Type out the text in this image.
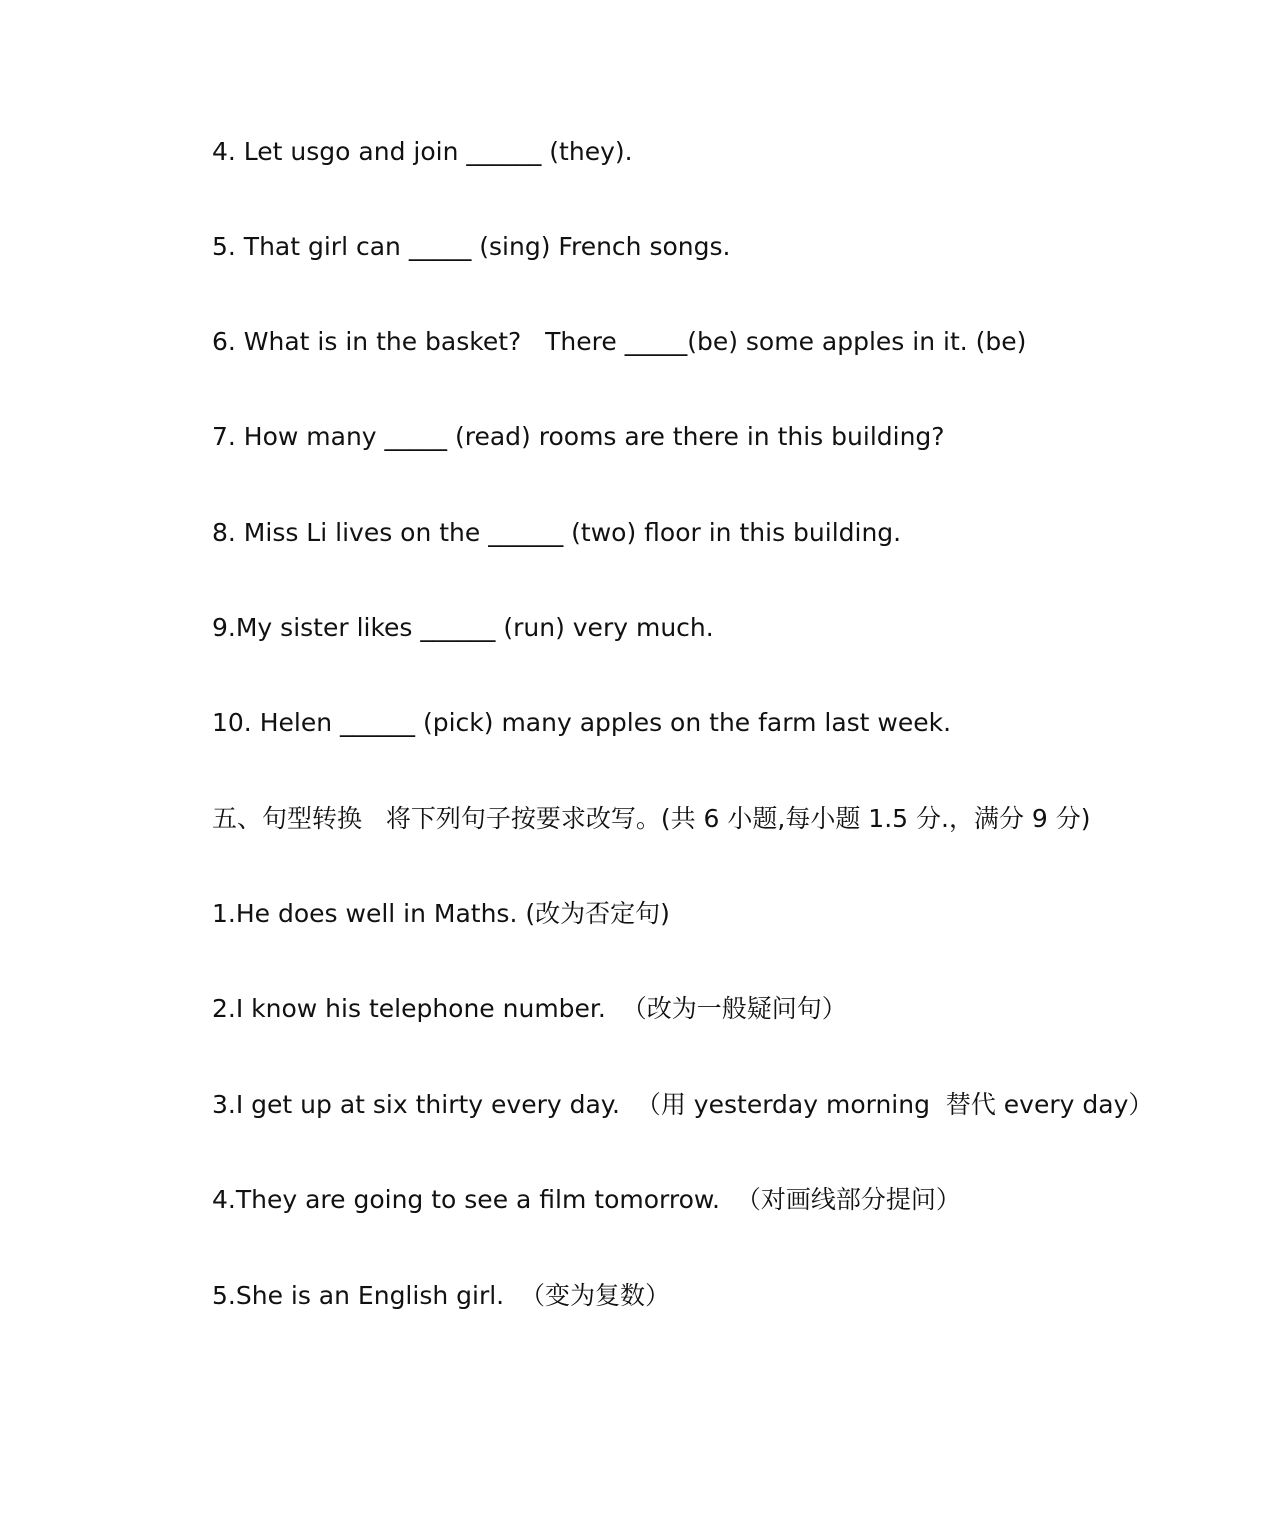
4. Let usgo and join ______ (they).
5. That girl can _____ (sing) French songs.
6. What is in the basket?   There _____(be) some apples in it. (be)
7. How many _____ (read) rooms are there in this building?
8. Miss Li lives on the ______ (two) floor in this building.
9.My sister likes ______ (run) very much.
10. Helen ______ (pick) many apples on the farm last week.
五、句型转换   将下列句子按要求改写。(共 6 小题,每小题 1.5 分.，满分 9 分)
1.He does well in Maths. (改为否定句)
2.I know his telephone number.  （改为一般疑问句）
3.I get up at six thirty every day.  （用 yesterday morning  替代 every day）
4.They are going to see a film tomorrow.  （对画线部分提问）
5.She is an English girl.  （变为复数）
